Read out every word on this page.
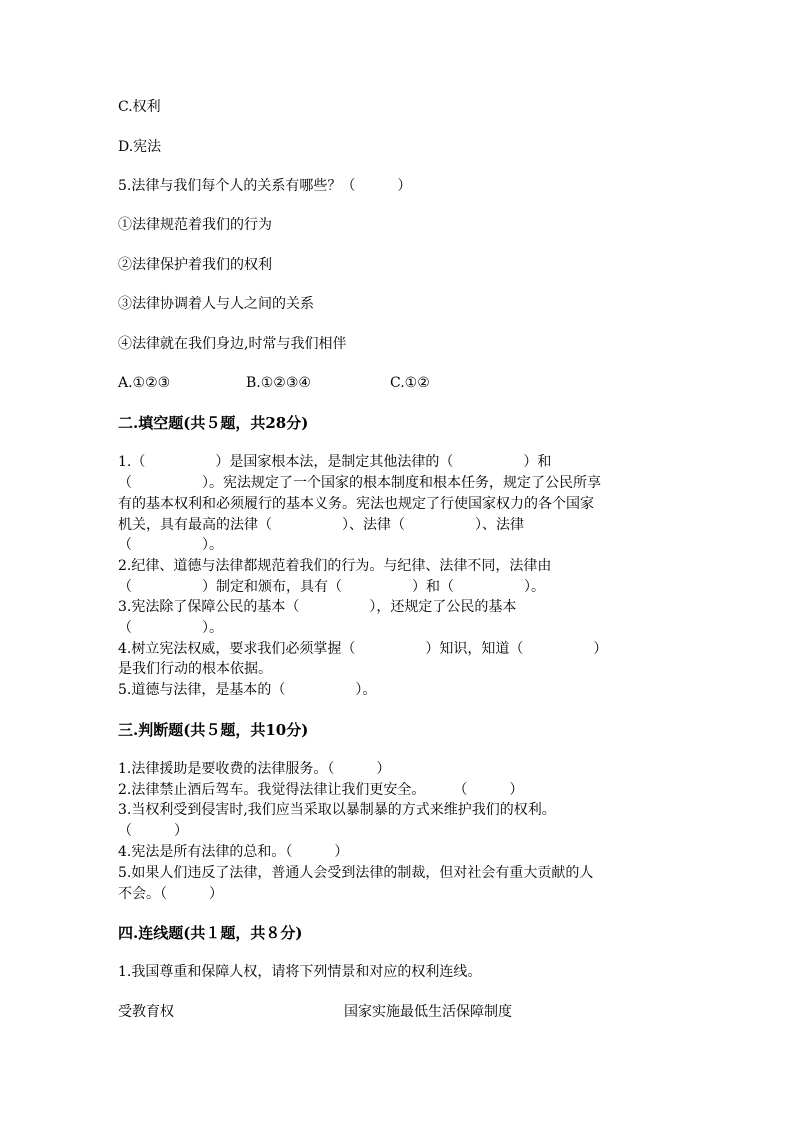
C.权利
D.宪法
5.法律与我们每个人的关系有哪些？（　　　）
①法律规范着我们的行为
②法律保护着我们的权利
③法律协调着人与人之间的关系
④法律就在我们身边,时常与我们相伴
A.①②③	B.①②③④	C.①②
二.填空题(共５题，共28分)
1.（　　　　　）是国家根本法，是制定其他法律的（　　　　　）和
（　　　　　）。宪法规定了一个国家的根本制度和根本任务，规定了公民所享
有的基本权利和必须履行的基本义务。宪法也规定了行使国家权力的各个国家
机关，具有最高的法律（　　　　　）、法律（　　　　　）、法律
（　　　　　）。
2.纪律、道德与法律都规范着我们的行为。与纪律、法律不同，法律由
（　　　　　）制定和颁布，具有（　　　　　）和（　　　　　）。
3.宪法除了保障公民的基本（　　　　　），还规定了公民的基本
（　　　　　）。
4.树立宪法权威，要求我们必须掌握（　　　　　）知识，知道（　　　　　）
是我们行动的根本依据。
5.道德与法律，是基本的（　　　　　）。
三.判断题(共５题，共10分)
1.法律援助是要收费的法律服务。（　　　）
2.法律禁止酒后驾车。我觉得法律让我们更安全。　　　（　　　）
3.当权利受到侵害时,我们应当采取以暴制暴的方式来维护我们的权利。
（　　　）
4.宪法是所有法律的总和。（　　　）
5.如果人们违反了法律，普通人会受到法律的制裁，但对社会有重大贡献的人
不会。（　　　）
四.连线题(共１题，共８分)
1.我国尊重和保障人权，请将下列情景和对应的权利连线。
受教育权	国家实施最低生活保障制度
